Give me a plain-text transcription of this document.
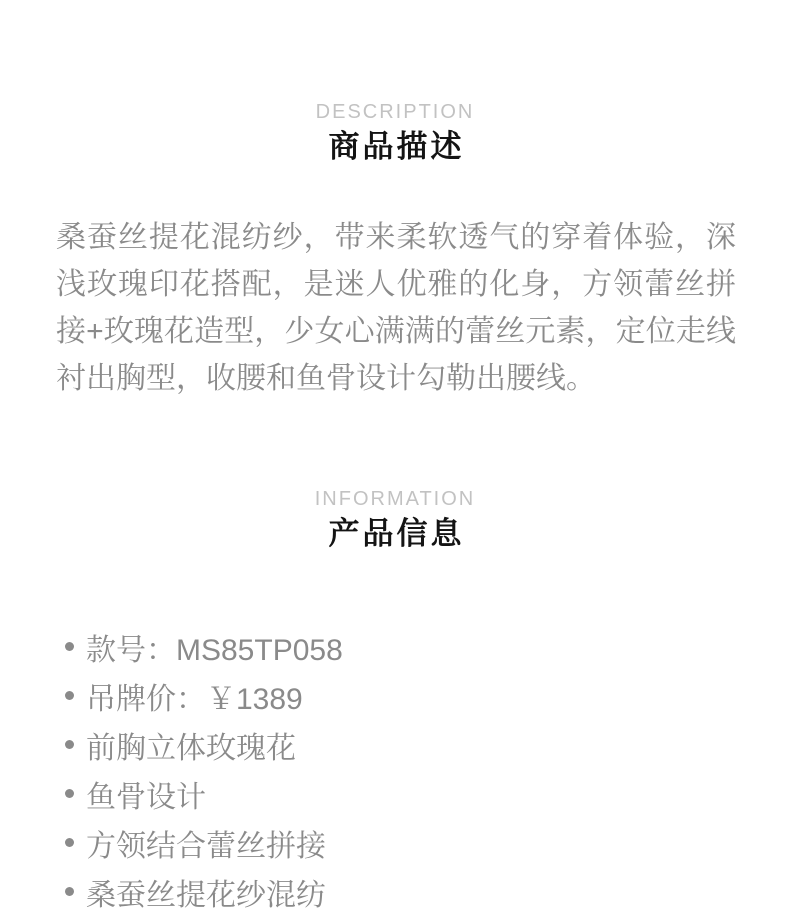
DESCRIPTION
商品描述

桑蚕丝提花混纺纱，带来柔软透气的穿着体验，深浅玫瑰印花搭配，是迷人优雅的化身，方领蕾丝拼接+玫瑰花造型，少女心满满的蕾丝元素，定位走线衬出胸型，收腰和鱼骨设计勾勒出腰线。

INFORMATION
产品信息
款号：MS85TP058
吊牌价：￥1389
前胸立体玫瑰花
鱼骨设计
方领结合蕾丝拼接
桑蚕丝提花纱混纺
